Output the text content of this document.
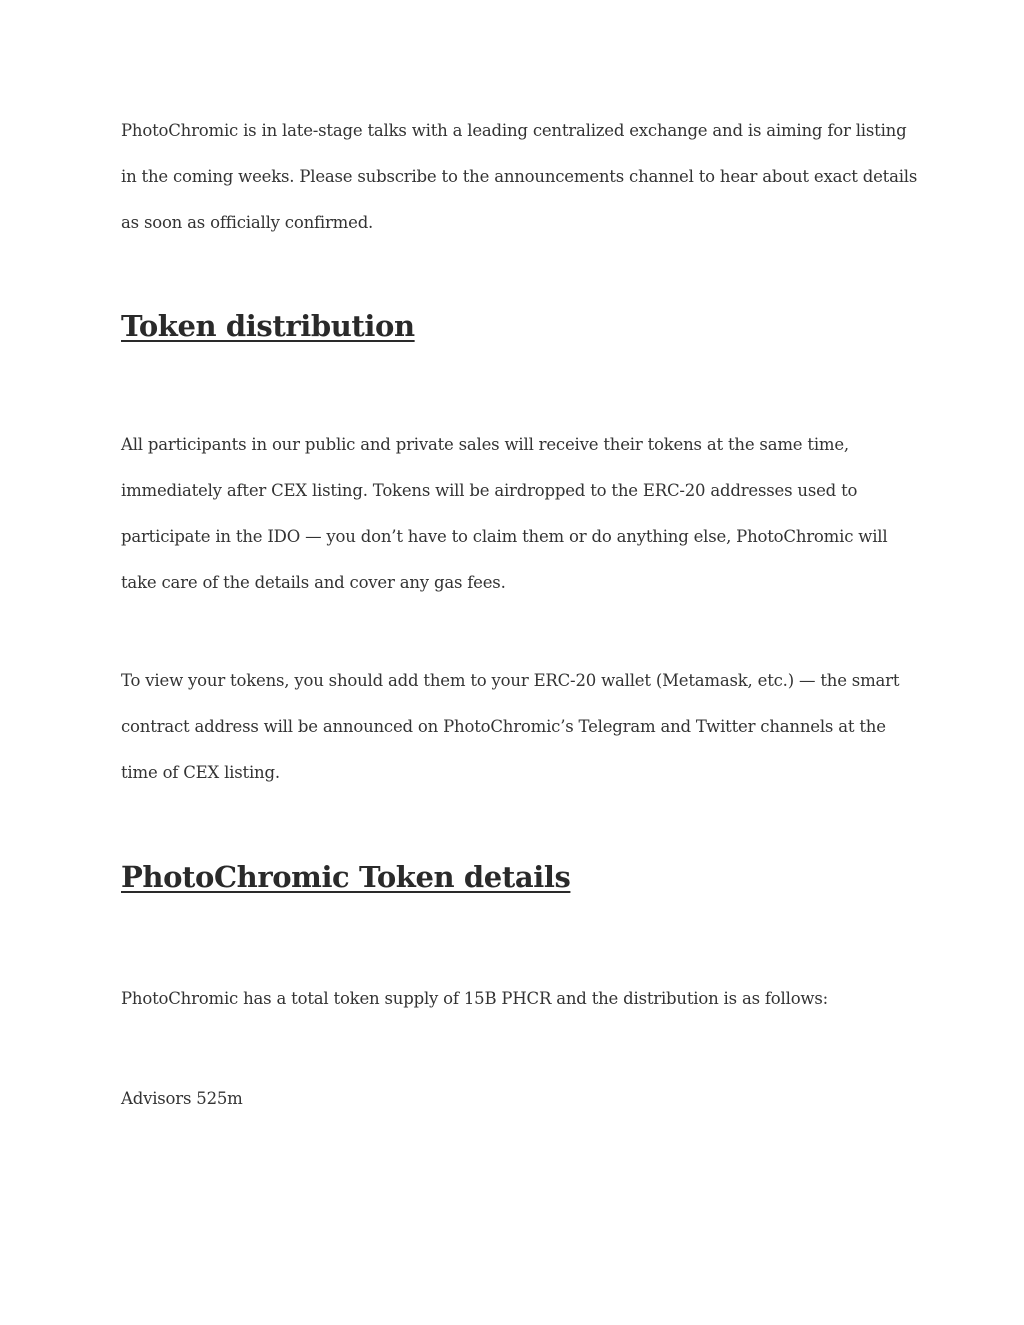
PhotoChromic is in late-stage talks with a leading centralized exchange and is aiming for listing
in the coming weeks. Please subscribe to the announcements channel to hear about exact details
as soon as officially confirmed.

Token distribution

All participants in our public and private sales will receive their tokens at the same time,
immediately after CEX listing. Tokens will be airdropped to the ERC-20 addresses used to
participate in the IDO — you don’t have to claim them or do anything else, PhotoChromic will
take care of the details and cover any gas fees.

To view your tokens, you should add them to your ERC-20 wallet (Metamask, etc.) — the smart
contract address will be announced on PhotoChromic’s Telegram and Twitter channels at the
time of CEX listing.

PhotoChromic Token details

PhotoChromic has a total token supply of 15B PHCR and the distribution is as follows:

Advisors 525m
